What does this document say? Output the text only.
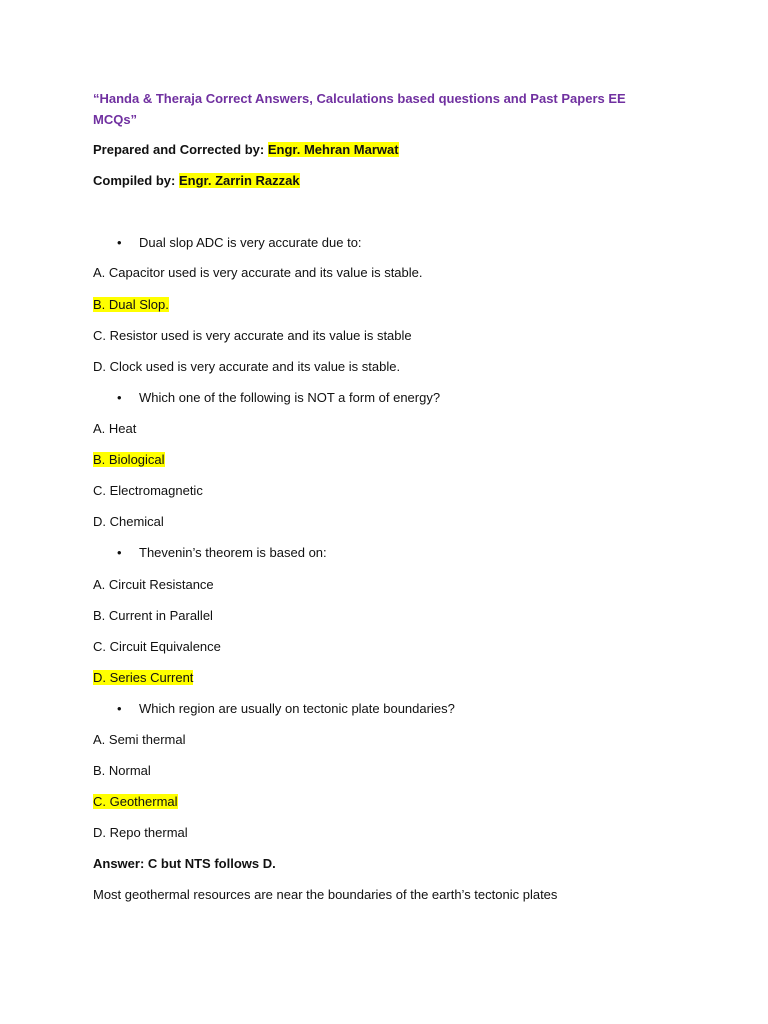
“Handa & Theraja Correct Answers, Calculations based questions and Past Papers EE MCQs”
Prepared and Corrected by: Engr. Mehran Marwat
Compiled by: Engr. Zarrin Razzak
• Dual slop ADC is very accurate due to:
A. Capacitor used is very accurate and its value is stable.
B. Dual Slop.
C. Resistor used is very accurate and its value is stable
D. Clock used is very accurate and its value is stable.
• Which one of the following is NOT a form of energy?
A. Heat
B. Biological
C. Electromagnetic
D. Chemical
• Thevenin’s theorem is based on:
A. Circuit Resistance
B. Current in Parallel
C. Circuit Equivalence
D. Series Current
• Which region are usually on tectonic plate boundaries?
A. Semi thermal
B. Normal
C. Geothermal
D. Repo thermal
Answer: C but NTS follows D.
Most geothermal resources are near the boundaries of the earth’s tectonic plates
